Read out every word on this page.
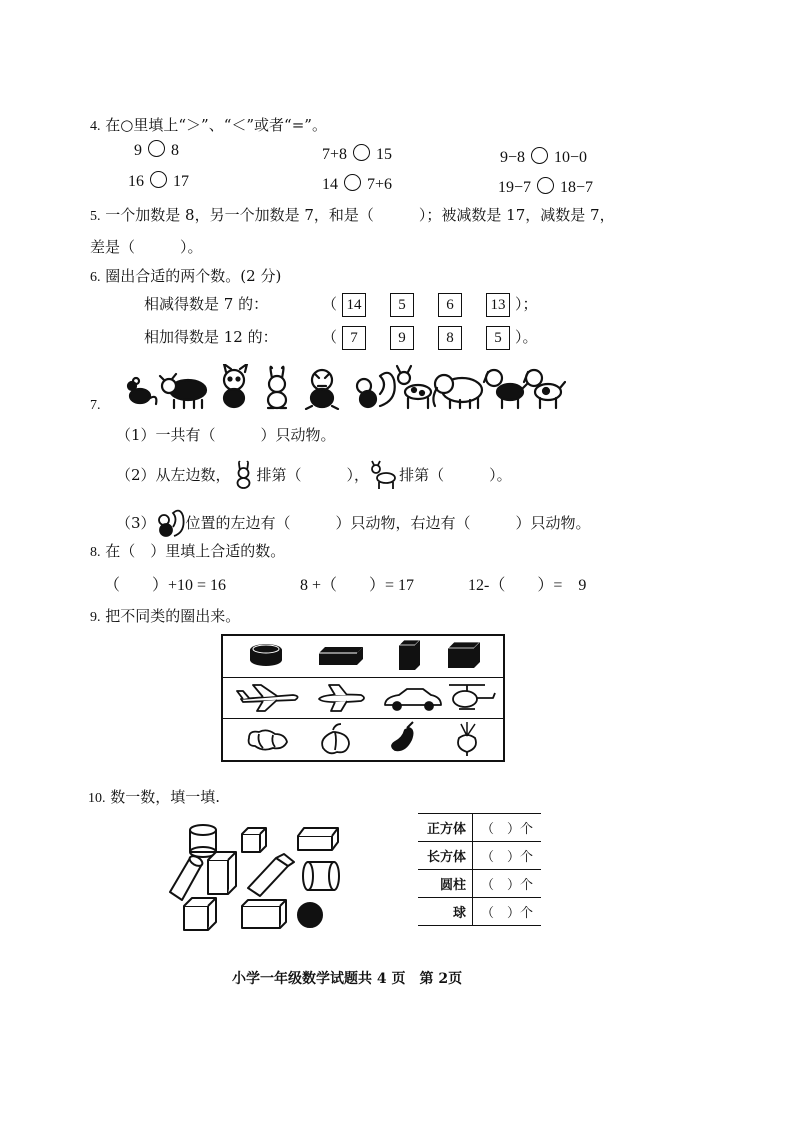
4. 在○里填上“＞”、“＜”或者“=”。
9 8	7+8 15	9−8 10−0
16 17	14 7+6	19−7 18−7
5. 一个加数是 8，另一个加数是 7，和是（　　　）；被减数是 17，减数是 7，
差是（　　　）。
6. 圈出合适的两个数。(2 分)
相减得数是 7 的：	（ 14 5	6 13 ）；
相加得数是 12 的：	（ 7	9	8	5 ）。
7.
（1）一共有（　　　）只动物。
（2）从左边数， 排第（　　　）， 排第（　　　）。
（3） 位置的左边有（　　　）只动物，右边有（　　　）只动物。
8. 在（　）里填上合适的数。
（　　）+10 = 16	8 +（　　）= 17	12-（　　）=　9
9. 把不同类的圈出来。
10. 数一数，填一填.
正方体	（　）个
长方体	（　）个
圆柱	（　）个
球	（　）个
小学一年级数学试题共 4 页　第 2页
